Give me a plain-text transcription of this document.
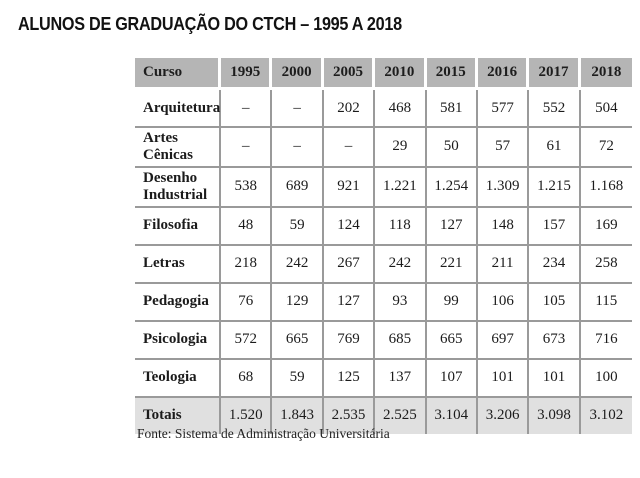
ALUNOS DE GRADUAÇÃO DO CTCH – 1995 A 2018
Curso	1995	2000	2005	2010	2015	2016	2017	2018
Arquitetura	–	–	202	468	581	577	552	504
Artes Cênicas	–	–	–	29	50	57	61	72
Desenho Industrial	538	689	921	1.221	1.254	1.309	1.215	1.168
Filosofia	48	59	124	118	127	148	157	169
Letras	218	242	267	242	221	211	234	258
Pedagogia	76	129	127	93	99	106	105	115
Psicologia	572	665	769	685	665	697	673	716
Teologia	68	59	125	137	107	101	101	100
Totais	1.520	1.843	2.535	2.525	3.104	3.206	3.098	3.102
Fonte: Sistema de Administração Universitária
